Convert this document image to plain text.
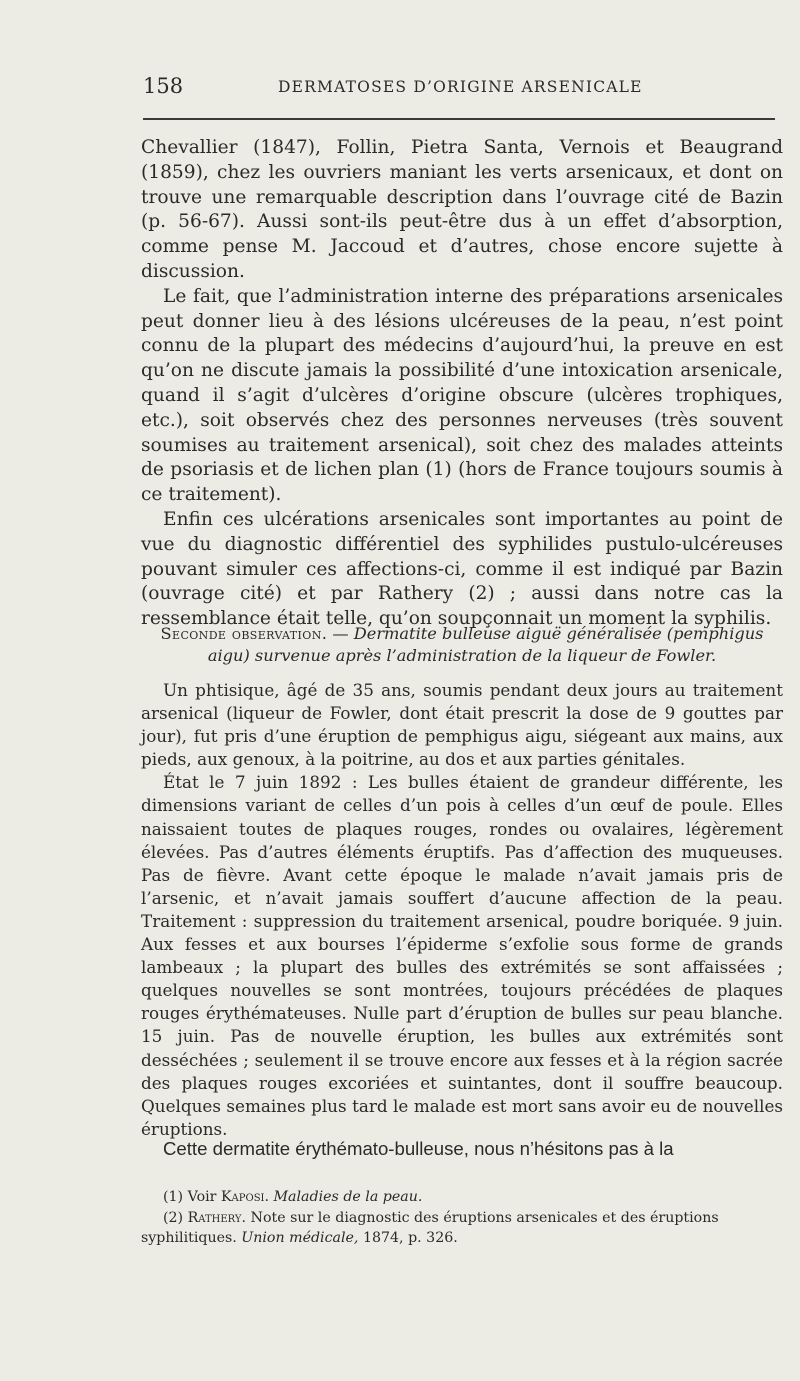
158	DERMATOSES D’ORIGINE ARSENICALE

Chevallier (1847), Follin, Pietra Santa, Vernois et Beaugrand (1859), chez les ouvriers maniant les verts arsenicaux, et dont on trouve une remarquable description dans l’ouvrage cité de Bazin (p. 56-67). Aussi sont-ils peut-être dus à un effet d’absorption, comme pense M. Jaccoud et d’autres, chose encore sujette à discussion.

Le fait, que l’administration interne des préparations arsenicales peut donner lieu à des lésions ulcéreuses de la peau, n’est point connu de la plupart des médecins d’aujourd’hui, la preuve en est qu’on ne discute jamais la possibilité d’une intoxication arsenicale, quand il s’agit d’ulcères d’origine obscure (ulcères trophiques, etc.), soit observés chez des personnes nerveuses (très souvent soumises au traitement arsenical), soit chez des malades atteints de psoriasis et de lichen plan (1) (hors de France toujours soumis à ce traitement).

Enfin ces ulcérations arsenicales sont importantes au point de vue du diagnostic différentiel des syphilides pustulo-ulcéreuses pouvant simuler ces affections-ci, comme il est indiqué par Bazin (ouvrage cité) et par Rathery (2) ; aussi dans notre cas la ressemblance était telle, qu’on soupçonnait un moment la syphilis.

Seconde observation. — Dermatite bulleuse aiguë généralisée (pemphigus aigu) survenue après l’administration de la liqueur de Fowler.

Un phtisique, âgé de 35 ans, soumis pendant deux jours au traitement arsenical (liqueur de Fowler, dont était prescrit la dose de 9 gouttes par jour), fut pris d’une éruption de pemphigus aigu, siégeant aux mains, aux pieds, aux genoux, à la poitrine, au dos et aux parties génitales.

État le 7 juin 1892 : Les bulles étaient de grandeur différente, les dimensions variant de celles d’un pois à celles d’un œuf de poule. Elles naissaient toutes de plaques rouges, rondes ou ovalaires, légèrement élevées. Pas d’autres éléments éruptifs. Pas d’affection des muqueuses. Pas de fièvre. Avant cette époque le malade n’avait jamais pris de l’arsenic, et n’avait jamais souffert d’aucune affection de la peau. Traitement : suppression du traitement arsenical, poudre boriquée. 9 juin. Aux fesses et aux bourses l’épiderme s’exfolie sous forme de grands lambeaux ; la plupart des bulles des extrémités se sont affaissées ; quelques nouvelles se sont montrées, toujours précédées de plaques rouges érythémateuses. Nulle part d’éruption de bulles sur peau blanche. 15 juin. Pas de nouvelle éruption, les bulles aux extrémités sont desséchées ; seulement il se trouve encore aux fesses et à la région sacrée des plaques rouges excoriées et suintantes, dont il souffre beaucoup. Quelques semaines plus tard le malade est mort sans avoir eu de nouvelles éruptions.

Cette dermatite érythémato-bulleuse, nous n’hésitons pas à la

(1) Voir Kaposi. Maladies de la peau.

(2) Rathery. Note sur le diagnostic des éruptions arsenicales et des éruptions syphilitiques. Union médicale, 1874, p. 326.
